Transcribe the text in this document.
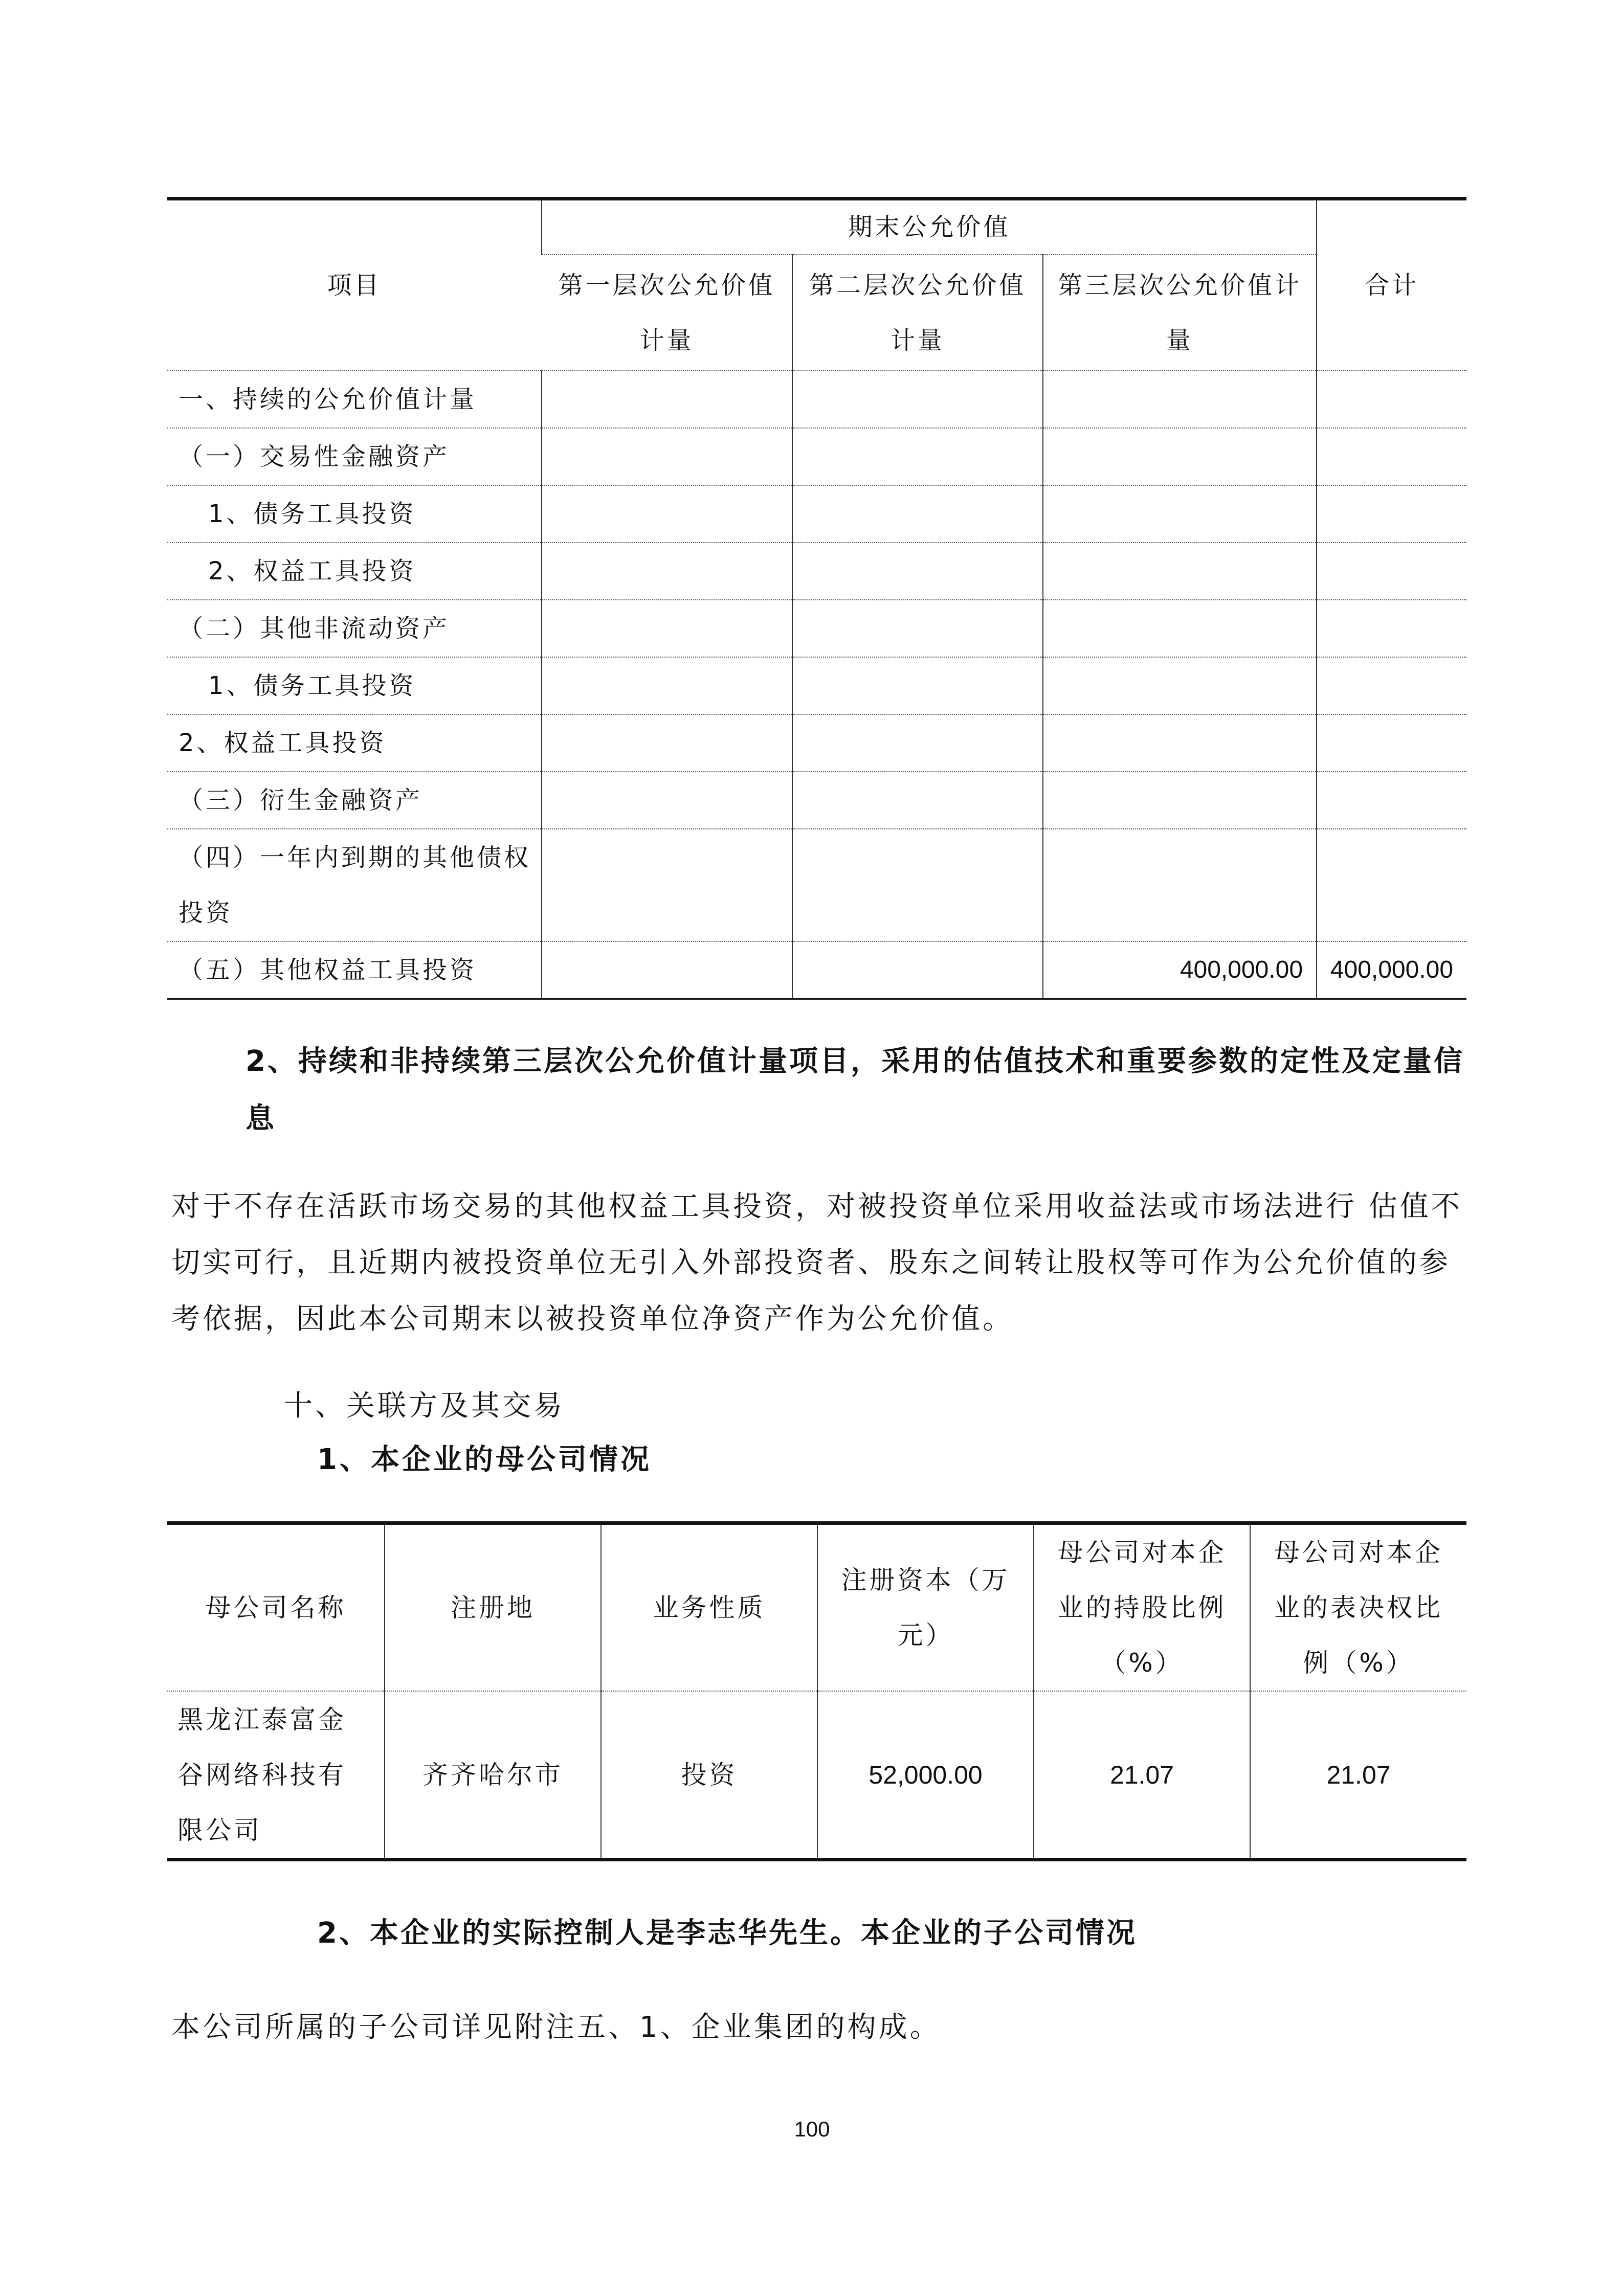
项目	期末公允价值			合计
	第一层次公允价值计量	第二层次公允价值计量	第三层次公允价值计量	
一、持续的公允价值计量				
（一）交易性金融资产				
1、债务工具投资				
2、权益工具投资				
（二）其他非流动资产				
1、债务工具投资				
2、权益工具投资				
（三）衍生金融资产				
（四）一年内到期的其他债权投资				
（五）其他权益工具投资			400,000.00	400,000.00
2、持续和非持续第三层次公允价值计量项目，采用的估值技术和重要参数的定性及定量信息
对于不存在活跃市场交易的其他权益工具投资，对被投资单位采用收益法或市场法进行 估值不切实可行，且近期内被投资单位无引入外部投资者、股东之间转让股权等可作为公允价值的参考依据，因此本公司期末以被投资单位净资产作为公允价值。
十、关联方及其交易
1、本企业的母公司情况
母公司名称	注册地	业务性质	注册资本（万元）	母公司对本企业的持股比例（%）	母公司对本企业的表决权比例（%）
黑龙江泰富金谷网络科技有限公司	齐齐哈尔市	投资	52,000.00	21.07	21.07
2、本企业的实际控制人是李志华先生。本企业的子公司情况
本公司所属的子公司详见附注五、1、企业集团的构成。
100
